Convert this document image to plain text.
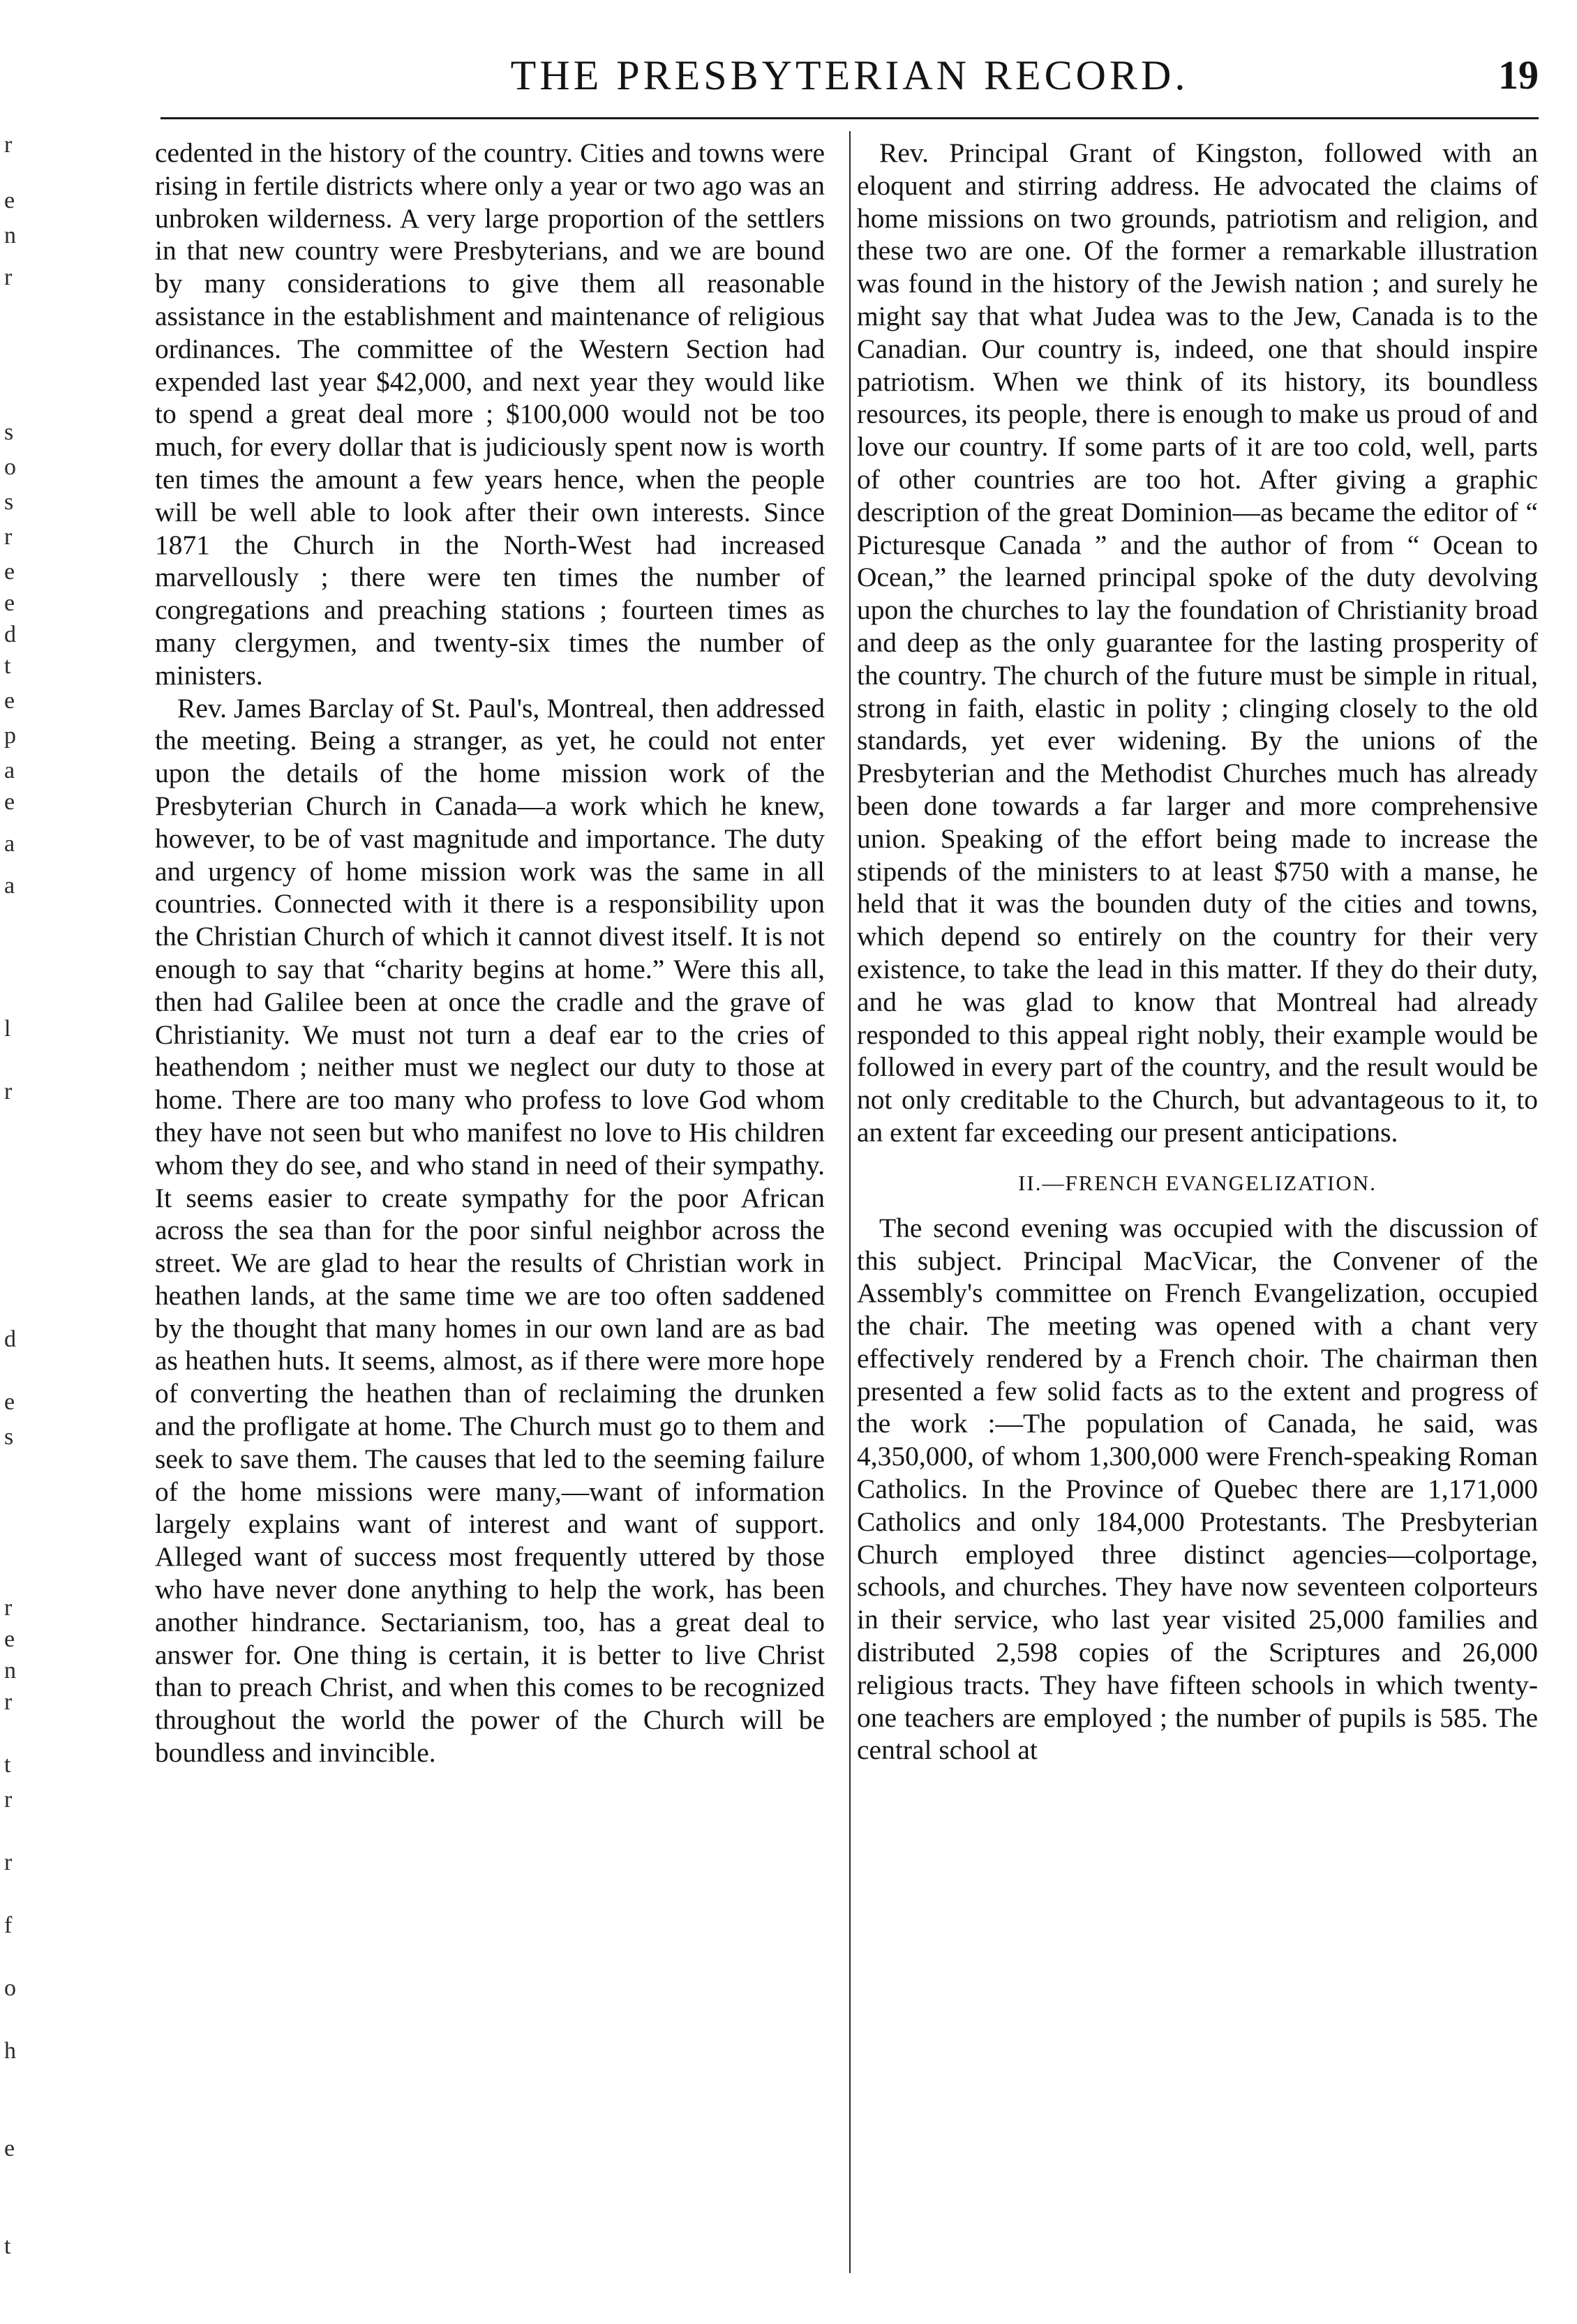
r
e
n
r
s
o
s
r
e
e
d
t
e
p
a
e
a
a
l
r
d
e
s
r
e
n
r
t
r
r
f
o
h
e
t
THE PRESBYTERIAN RECORD.	19

cedented in the history of the country. Cities and towns were rising in fertile districts where only a year or two ago was an unbroken wilderness. A very large proportion of the settlers in that new country were Presbyterians, and we are bound by many considerations to give them all reasonable assistance in the establishment and maintenance of religious ordinances. The committee of the Western Section had expended last year $42,000, and next year they would like to spend a great deal more ; $100,000 would not be too much, for every dollar that is judiciously spent now is worth ten times the amount a few years hence, when the people will be well able to look after their own interests. Since 1871 the Church in the North-West had increased marvellously ; there were ten times the number of congregations and preaching stations ; fourteen times as many clergymen, and twenty-six times the number of ministers.

Rev. James Barclay of St. Paul's, Montreal, then addressed the meeting. Being a stranger, as yet, he could not enter upon the details of the home mission work of the Presbyterian Church in Canada—a work which he knew, however, to be of vast magnitude and importance. The duty and urgency of home mission work was the same in all countries. Connected with it there is a responsibility upon the Christian Church of which it cannot divest itself. It is not enough to say that “charity begins at home.” Were this all, then had Galilee been at once the cradle and the grave of Christianity. We must not turn a deaf ear to the cries of heathendom ; neither must we neglect our duty to those at home. There are too many who profess to love God whom they have not seen but who manifest no love to His children whom they do see, and who stand in need of their sympathy. It seems easier to create sympathy for the poor African across the sea than for the poor sinful neighbor across the street. We are glad to hear the results of Christian work in heathen lands, at the same time we are too often saddened by the thought that many homes in our own land are as bad as heathen huts. It seems, almost, as if there were more hope of converting the heathen than of reclaiming the drunken and the profligate at home. The Church must go to them and seek to save them. The causes that led to the seeming failure of the home missions were many,—want of information largely explains want of interest and want of support. Alleged want of success most frequently uttered by those who have never done anything to help the work, has been another hindrance. Sectarianism, too, has a great deal to answer for. One thing is certain, it is better to live Christ than to preach Christ, and when this comes to be recognized throughout the world the power of the Church will be boundless and invincible.

Rev. Principal Grant of Kingston, followed with an eloquent and stirring address. He advocated the claims of home missions on two grounds, patriotism and religion, and these two are one. Of the former a remarkable illustration was found in the history of the Jewish nation ; and surely he might say that what Judea was to the Jew, Canada is to the Canadian. Our country is, indeed, one that should inspire patriotism. When we think of its history, its boundless resources, its people, there is enough to make us proud of and love our country. If some parts of it are too cold, well, parts of other countries are too hot. After giving a graphic description of the great Dominion—as became the editor of “ Picturesque Canada ” and the author of from “ Ocean to Ocean,” the learned principal spoke of the duty devolving upon the churches to lay the foundation of Christianity broad and deep as the only guarantee for the lasting prosperity of the country. The church of the future must be simple in ritual, strong in faith, elastic in polity ; clinging closely to the old standards, yet ever widening. By the unions of the Presbyterian and the Methodist Churches much has already been done towards a far larger and more comprehensive union. Speaking of the effort being made to increase the stipends of the ministers to at least $750 with a manse, he held that it was the bounden duty of the cities and towns, which depend so entirely on the country for their very existence, to take the lead in this matter. If they do their duty, and he was glad to know that Montreal had already responded to this appeal right nobly, their example would be followed in every part of the country, and the result would be not only creditable to the Church, but advantageous to it, to an extent far exceeding our present anticipations.

II.—FRENCH EVANGELIZATION.

The second evening was occupied with the discussion of this subject. Principal MacVicar, the Convener of the Assembly's committee on French Evangelization, occupied the chair. The meeting was opened with a chant very effectively rendered by a French choir. The chairman then presented a few solid facts as to the extent and progress of the work :—The population of Canada, he said, was 4,350,000, of whom 1,300,000 were French-speaking Roman Catholics. In the Province of Quebec there are 1,171,000 Catholics and only 184,000 Protestants. The Presbyterian Church employed three distinct agencies—colportage, schools, and churches. They have now seventeen colporteurs in their service, who last year visited 25,000 families and distributed 2,598 copies of the Scriptures and 26,000 religious tracts. They have fifteen schools in which twenty-one teachers are employed ; the number of pupils is 585. The central school at
